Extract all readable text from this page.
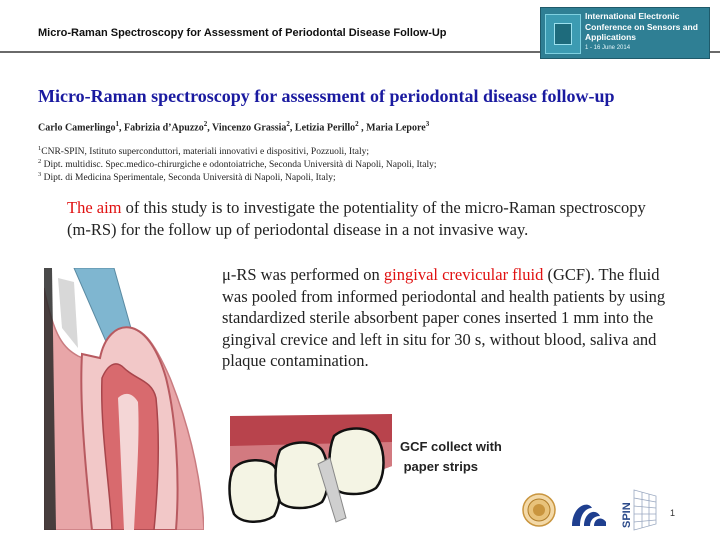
Micro-Raman Spectroscopy for Assessment of Periodontal Disease Follow-Up
International Electronic Conference on Sensors and Applications
1 - 16 June 2014
Micro-Raman spectroscopy for assessment of periodontal disease follow-up
Carlo Camerlingo$^1$, Fabrizia d’Apuzzo$^2$, Vincenzo Grassia$^2$, Letizia Perillo$^2$ , Maria Lepore$^3$
$^1$CNR-SPIN, Istituto superconduttori, materiali innovativi e dispositivi, Pozzuoli, Italy;
$^2$ Dipt. multidisc. Spec.medico-chirurgiche e odontoiatriche, Seconda Università di Napoli, Napoli, Italy;
$^3$ Dipt. di Medicina Sperimentale, Seconda Università di Napoli, Napoli, Italy;
The aim of this study is to investigate the potentiality of the micro-Raman spectroscopy (m-RS) for the follow up of periodontal disease in a not invasive way.
μ-RS was performed on gingival crevicular fluid (GCF). The fluid was pooled from informed periodontal and health patients by using standardized sterile absorbent paper cones inserted 1 mm into the gingival crevice and left in situ for 30 s, without blood, saliva and plaque contamination.
GCF collect with
paper strips
SPIN	1
